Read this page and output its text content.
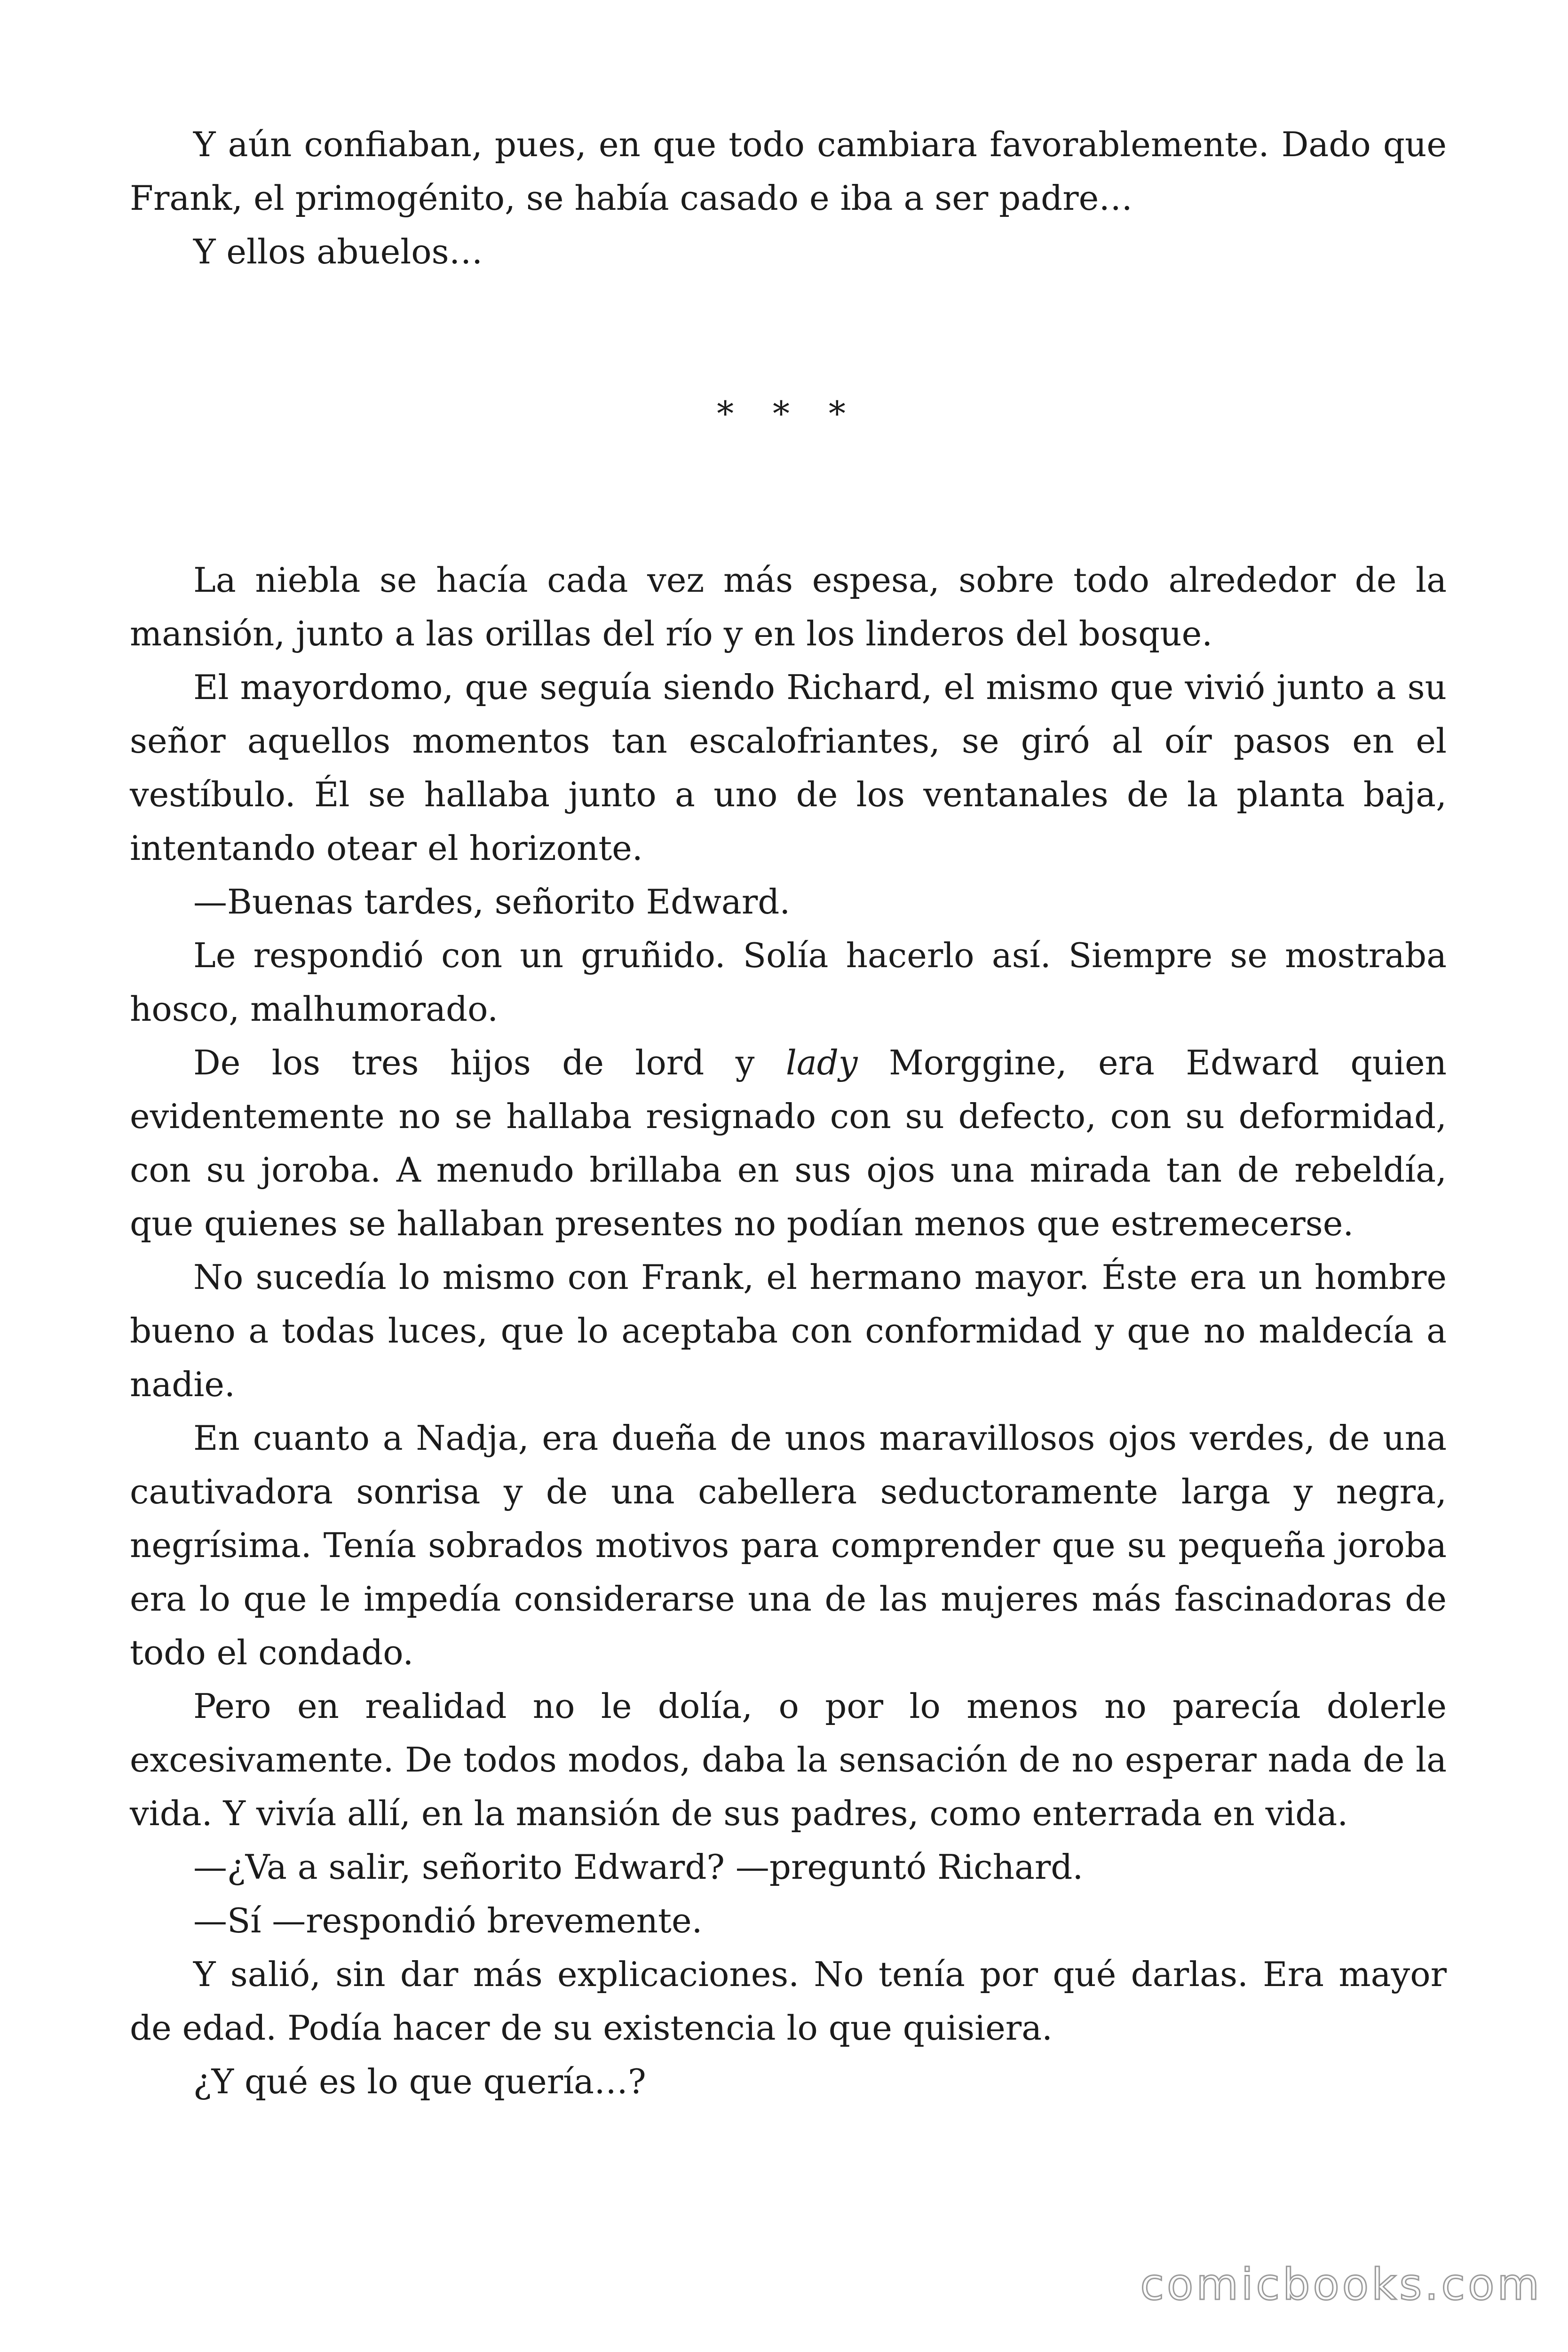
Y aún confiaban, pues, en que todo cambiara favorablemente. Dado que Frank, el primogénito, se había casado e iba a ser padre…

Y ellos abuelos…

* * *

La niebla se hacía cada vez más espesa, sobre todo alrededor de la mansión, junto a las orillas del río y en los linderos del bosque.

El mayordomo, que seguía siendo Richard, el mismo que vivió junto a su señor aquellos momentos tan escalofriantes, se giró al oír pasos en el vestíbulo. Él se hallaba junto a uno de los ventanales de la planta baja, intentando otear el horizonte.

—Buenas tardes, señorito Edward.

Le respondió con un gruñido. Solía hacerlo así. Siempre se mostraba hosco, malhumorado.

De los tres hijos de lord y lady Morggine, era Edward quien evidentemente no se hallaba resignado con su defecto, con su deformidad, con su joroba. A menudo brillaba en sus ojos una mirada tan de rebeldía, que quienes se hallaban presentes no podían menos que estremecerse.

No sucedía lo mismo con Frank, el hermano mayor. Éste era un hombre bueno a todas luces, que lo aceptaba con conformidad y que no maldecía a nadie.

En cuanto a Nadja, era dueña de unos maravillosos ojos verdes, de una cautivadora sonrisa y de una cabellera seductoramente larga y negra, negrísima. Tenía sobrados motivos para comprender que su pequeña joroba era lo que le impedía considerarse una de las mujeres más fascinadoras de todo el condado.

Pero en realidad no le dolía, o por lo menos no parecía dolerle excesivamente. De todos modos, daba la sensación de no esperar nada de la vida. Y vivía allí, en la mansión de sus padres, como enterrada en vida.

—¿Va a salir, señorito Edward? —preguntó Richard.

—Sí —respondió brevemente.

Y salió, sin dar más explicaciones. No tenía por qué darlas. Era mayor de edad. Podía hacer de su existencia lo que quisiera.

¿Y qué es lo que quería…?

comicbooks.com
